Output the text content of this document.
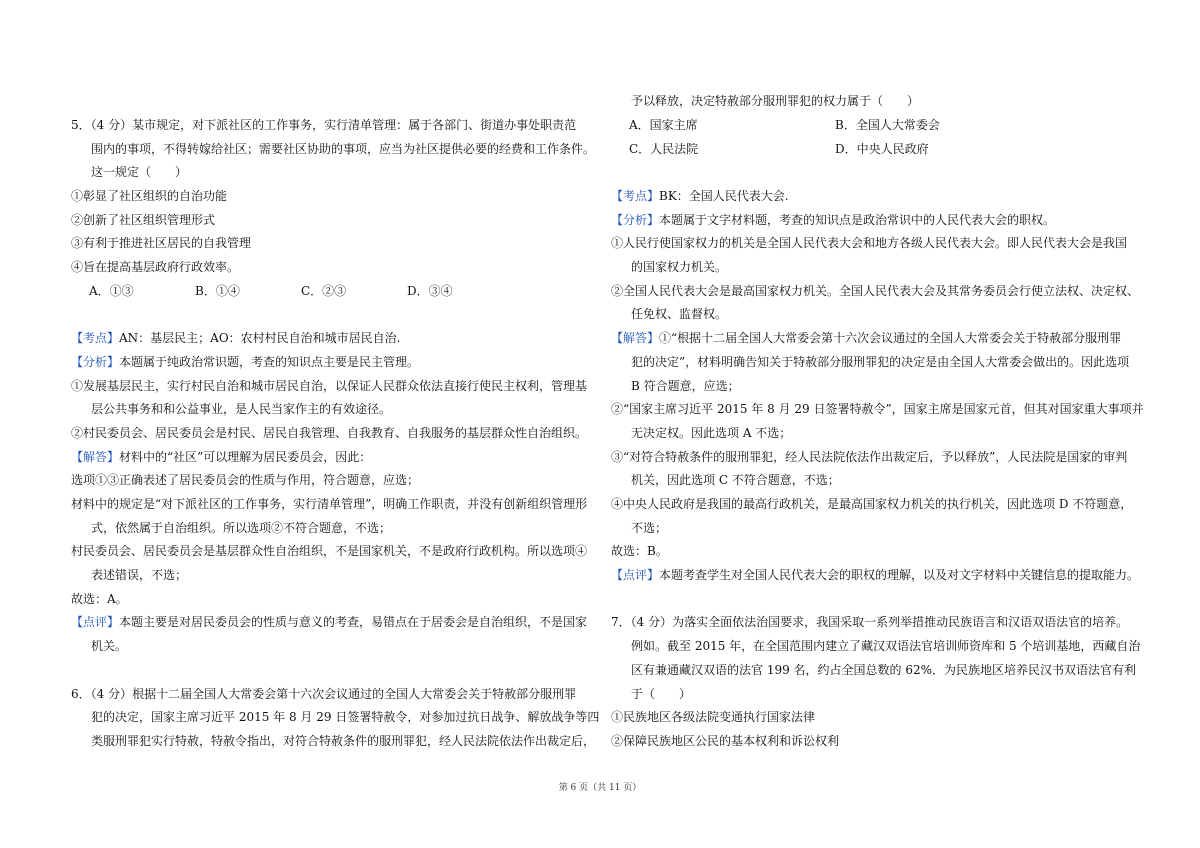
5．（4 分）某市规定，对下派社区的工作事务，实行清单管理：属于各部门、街道办事处职责范
围内的事项，不得转嫁给社区；需要社区协助的事项，应当为社区提供必要的经费和工作条件。
这一规定（　　）
①彰显了社区组织的自治功能
②创新了社区组织管理形式
③有利于推进社区居民的自我管理
④旨在提高基层政府行政效率。
A．①③	B．①④	C．②③	D．③④
【考点】AN：基层民主；AO：农村村民自治和城市居民自治.
【分析】本题属于纯政治常识题，考查的知识点主要是民主管理。
①发展基层民主，实行村民自治和城市居民自治，以保证人民群众依法直接行使民主权利，管理基
层公共事务和和公益事业，是人民当家作主的有效途径。
②村民委员会、居民委员会是村民、居民自我管理、自我教育、自我服务的基层群众性自治组织。
【解答】材料中的“社区”可以理解为居民委员会，因此：
选项①③正确表述了居民委员会的性质与作用，符合题意，应选；
材料中的规定是“对下派社区的工作事务，实行清单管理”，明确工作职责，并没有创新组织管理形
式，依然属于自治组织。所以选项②不符合题意，不选；
村民委员会、居民委员会是基层群众性自治组织，不是国家机关，不是政府行政机构。所以选项④
表述错误，不选；
故选：A。
【点评】本题主要是对居民委员会的性质与意义的考查，易错点在于居委会是自治组织，不是国家
机关。
6．（4 分）根据十二届全国人大常委会第十六次会议通过的全国人大常委会关于特赦部分服刑罪
犯的决定，国家主席习近平 2015 年 8 月 29 日签署特赦令，对参加过抗日战争、解放战争等四
类服刑罪犯实行特赦，特赦令指出，对符合特赦条件的服刑罪犯，经人民法院依法作出裁定后，
予以释放，决定特赦部分服刑罪犯的权力属于（　　）
A．国家主席	B．全国人大常委会
C．人民法院	D．中央人民政府
【考点】BK：全国人民代表大会.
【分析】本题属于文字材料题，考查的知识点是政治常识中的人民代表大会的职权。
①人民行使国家权力的机关是全国人民代表大会和地方各级人民代表大会。即人民代表大会是我国
的国家权力机关。
②全国人民代表大会是最高国家权力机关。全国人民代表大会及其常务委员会行使立法权、决定权、
任免权、监督权。
【解答】①“根据十二届全国人大常委会第十六次会议通过的全国人大常委会关于特赦部分服刑罪
犯的决定”，材料明确告知关于特赦部分服刑罪犯的决定是由全国人大常委会做出的。因此选项
B 符合题意，应选；
②“国家主席习近平 2015 年 8 月 29 日签署特赦令”，国家主席是国家元首，但其对国家重大事项并
无决定权。因此选项 A 不选；
③“对符合特赦条件的服刑罪犯，经人民法院依法作出裁定后，予以释放”，人民法院是国家的审判
机关，因此选项 C 不符合题意，不选；
④中央人民政府是我国的最高行政机关，是最高国家权力机关的执行机关，因此选项 D 不符题意，
不选；
故选：B。
【点评】本题考查学生对全国人民代表大会的职权的理解，以及对文字材料中关键信息的提取能力。
7．（4 分）为落实全面依法治国要求，我国采取一系列举措推动民族语言和汉语双语法官的培养。
例如。截至 2015 年，在全国范围内建立了藏汉双语法官培训师资库和 5 个培训基地，西藏自治
区有兼通藏汉双语的法官 199 名，约占全国总数的 62%．为民族地区培养民汉书双语法官有利
于（　　）
①民族地区各级法院变通执行国家法律
②保障民族地区公民的基本权利和诉讼权利
第 6 页（共 11 页）
